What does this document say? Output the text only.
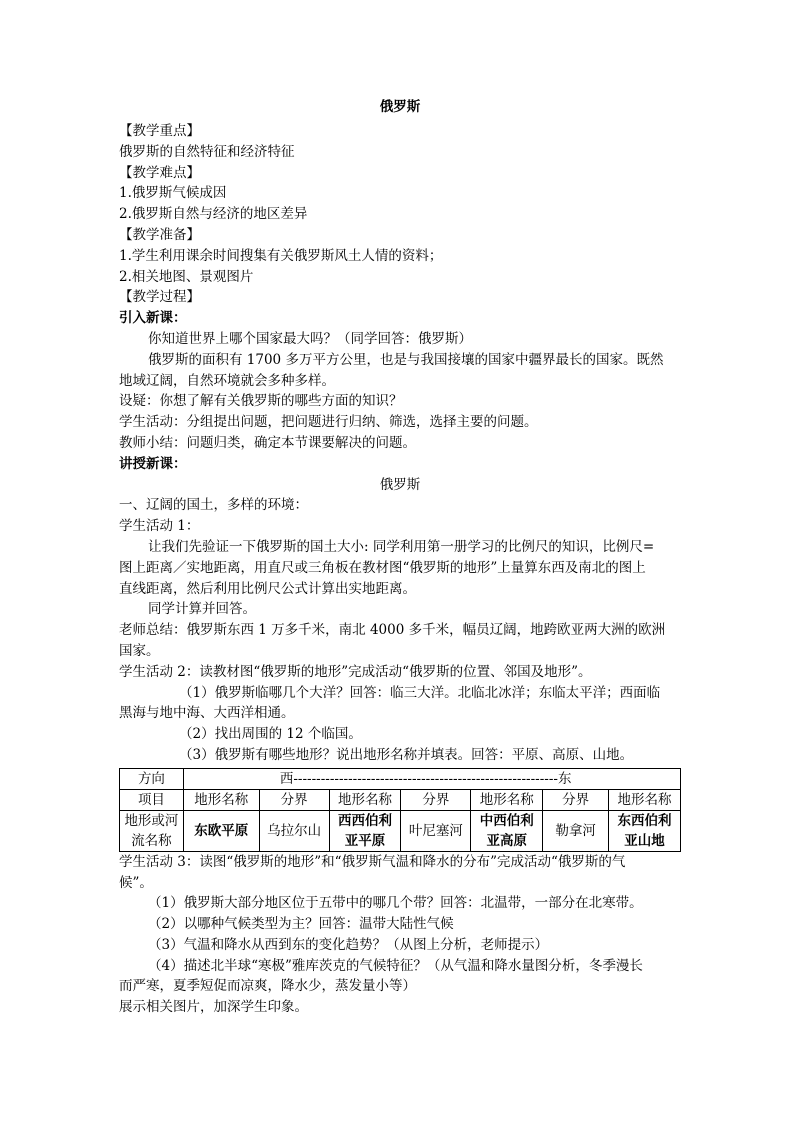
俄罗斯
【教学重点】
俄罗斯的自然特征和经济特征
【教学难点】
1.俄罗斯气候成因
2.俄罗斯自然与经济的地区差异
【教学准备】
1.学生利用课余时间搜集有关俄罗斯风土人情的资料；
2.相关地图、景观图片
【教学过程】
引入新课：
你知道世界上哪个国家最大吗？（同学回答：俄罗斯）
俄罗斯的面积有 1700 多万平方公里，也是与我国接壤的国家中疆界最长的国家。既然
地域辽阔，自然环境就会多种多样。
设疑：你想了解有关俄罗斯的哪些方面的知识？
学生活动：分组提出问题，把问题进行归纳、筛选，选择主要的问题。
教师小结：问题归类，确定本节课要解决的问题。
讲授新课：
俄罗斯
一、辽阔的国土，多样的环境：
学生活动 1：
让我们先验证一下俄罗斯的国土大小: 同学利用第一册学习的比例尺的知识，比例尺=
图上距离／实地距离，用直尺或三角板在教材图“俄罗斯的地形”上量算东西及南北的图上
直线距离，然后利用比例尺公式计算出实地距离。
同学计算并回答。
老师总结：俄罗斯东西 1 万多千米，南北 4000 多千米，幅员辽阔，地跨欧亚两大洲的欧洲
国家。
学生活动 2：读教材图“俄罗斯的地形”完成活动“俄罗斯的位置、邻国及地形”。
（1）俄罗斯临哪几个大洋？回答：临三大洋。北临北冰洋；东临太平洋；西面临
黑海与地中海、大西洋相通。
（2）找出周围的 12 个临国。
（3）俄罗斯有哪些地形？说出地形名称并填表。回答：平原、高原、山地。
方向	西----------------------------------------------------------东						
项目	地形名称	分界	地形名称	分界	地形名称	分界	地形名称
地形或河流名称	东欧平原	乌拉尔山	西西伯利亚平原	叶尼塞河	中西伯利亚高原	勒拿河	东西伯利亚山地
学生活动 3：读图“俄罗斯的地形”和“俄罗斯气温和降水的分布”完成活动“俄罗斯的气
候”。
（1）俄罗斯大部分地区位于五带中的哪几个带？回答：北温带，一部分在北寒带。
（2）以哪种气候类型为主？回答：温带大陆性气候
（3）气温和降水从西到东的变化趋势？（从图上分析，老师提示）
（4）描述北半球“寒极”雅库茨克的气候特征？（从气温和降水量图分析，冬季漫长
而严寒，夏季短促而凉爽，降水少，蒸发量小等）
展示相关图片，加深学生印象。
